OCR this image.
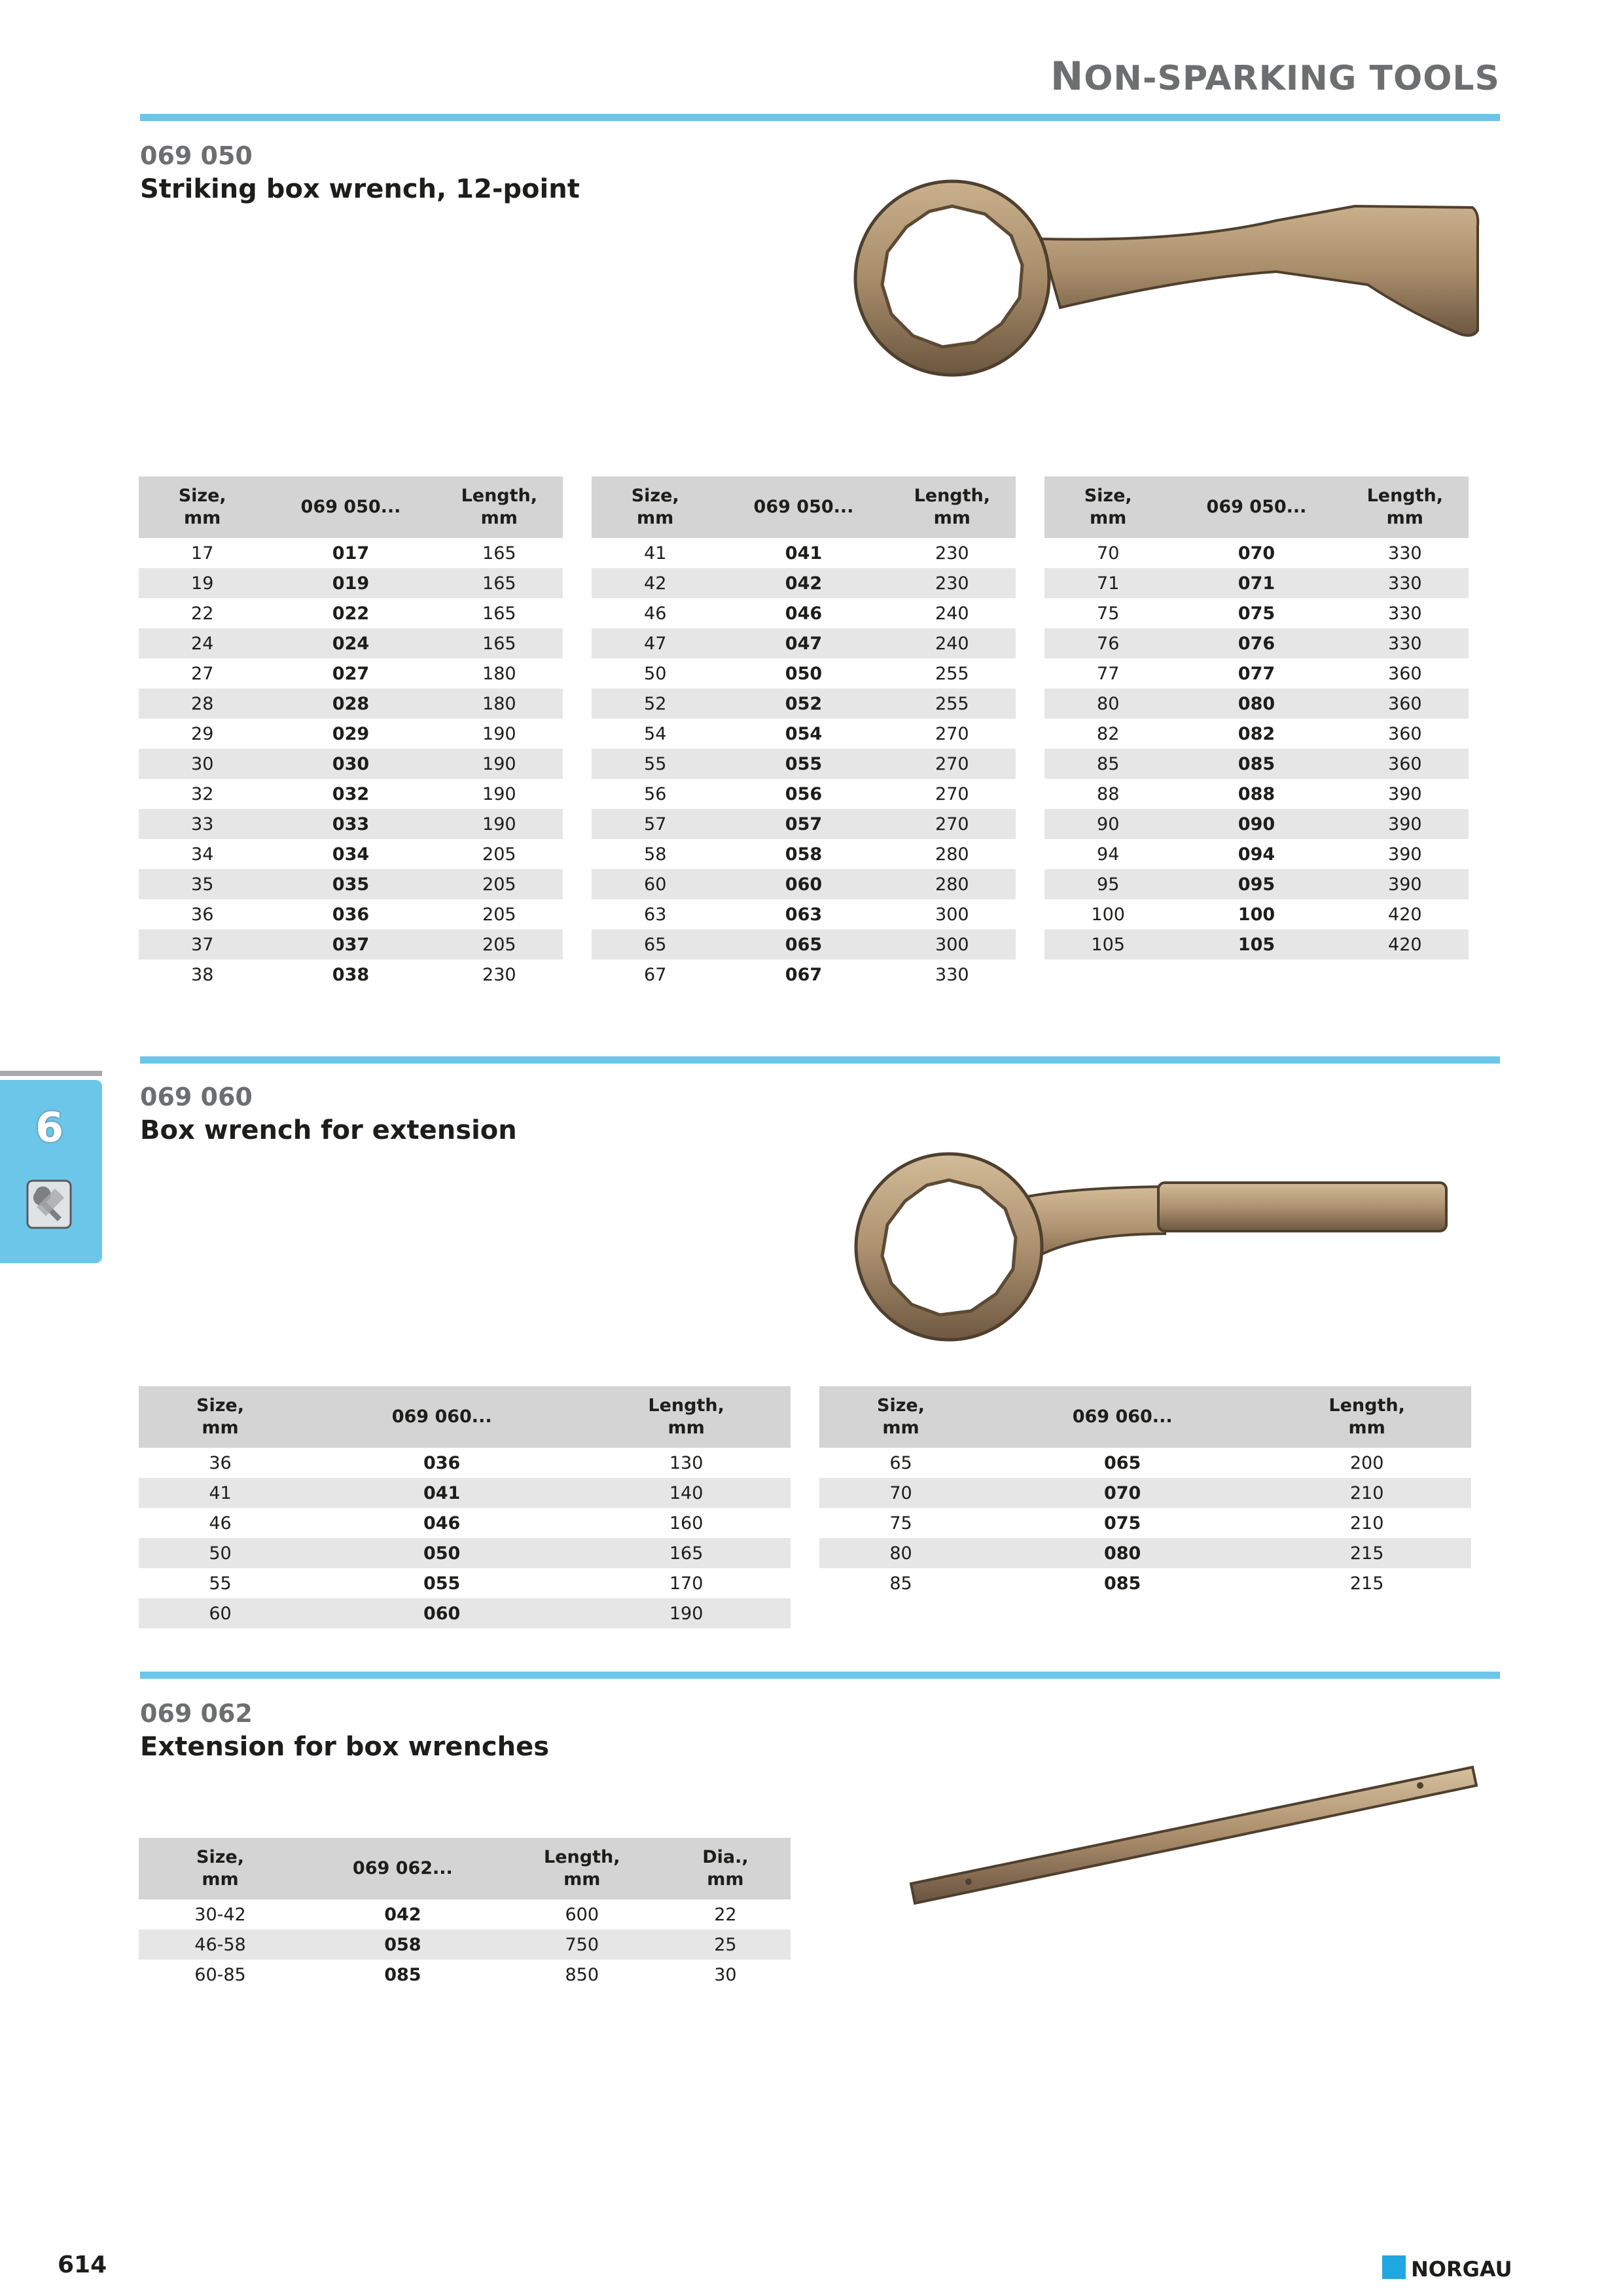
NON-SPARKING TOOLS
069 050
Striking box wrench, 12-point
Size,
mm	069 050...	Length,
mm
17	017	165
19	019	165
22	022	165
24	024	165
27	027	180
28	028	180
29	029	190
30	030	190
32	032	190
33	033	190
34	034	205
35	035	205
36	036	205
37	037	205
38	038	230
Size,
mm	069 050...	Length,
mm
41	041	230
42	042	230
46	046	240
47	047	240
50	050	255
52	052	255
54	054	270
55	055	270
56	056	270
57	057	270
58	058	280
60	060	280
63	063	300
65	065	300
67	067	330
Size,
mm	069 050...	Length,
mm
70	070	330
71	071	330
75	075	330
76	076	330
77	077	360
80	080	360
82	082	360
85	085	360
88	088	390
90	090	390
94	094	390
95	095	390
100	100	420
105	105	420
6
069 060
Box wrench for extension
Size,
mm	069 060...	Length,
mm
36	036	130
41	041	140
46	046	160
50	050	165
55	055	170
60	060	190
Size,
mm	069 060...	Length,
mm
65	065	200
70	070	210
75	075	210
80	080	215
85	085	215
069 062
Extension for box wrenches
Size,
mm	069 062...	Length,
mm	Dia.,
mm
30-42	042	600	22
46-58	058	750	25
60-85	085	850	30
614	NORGAU
